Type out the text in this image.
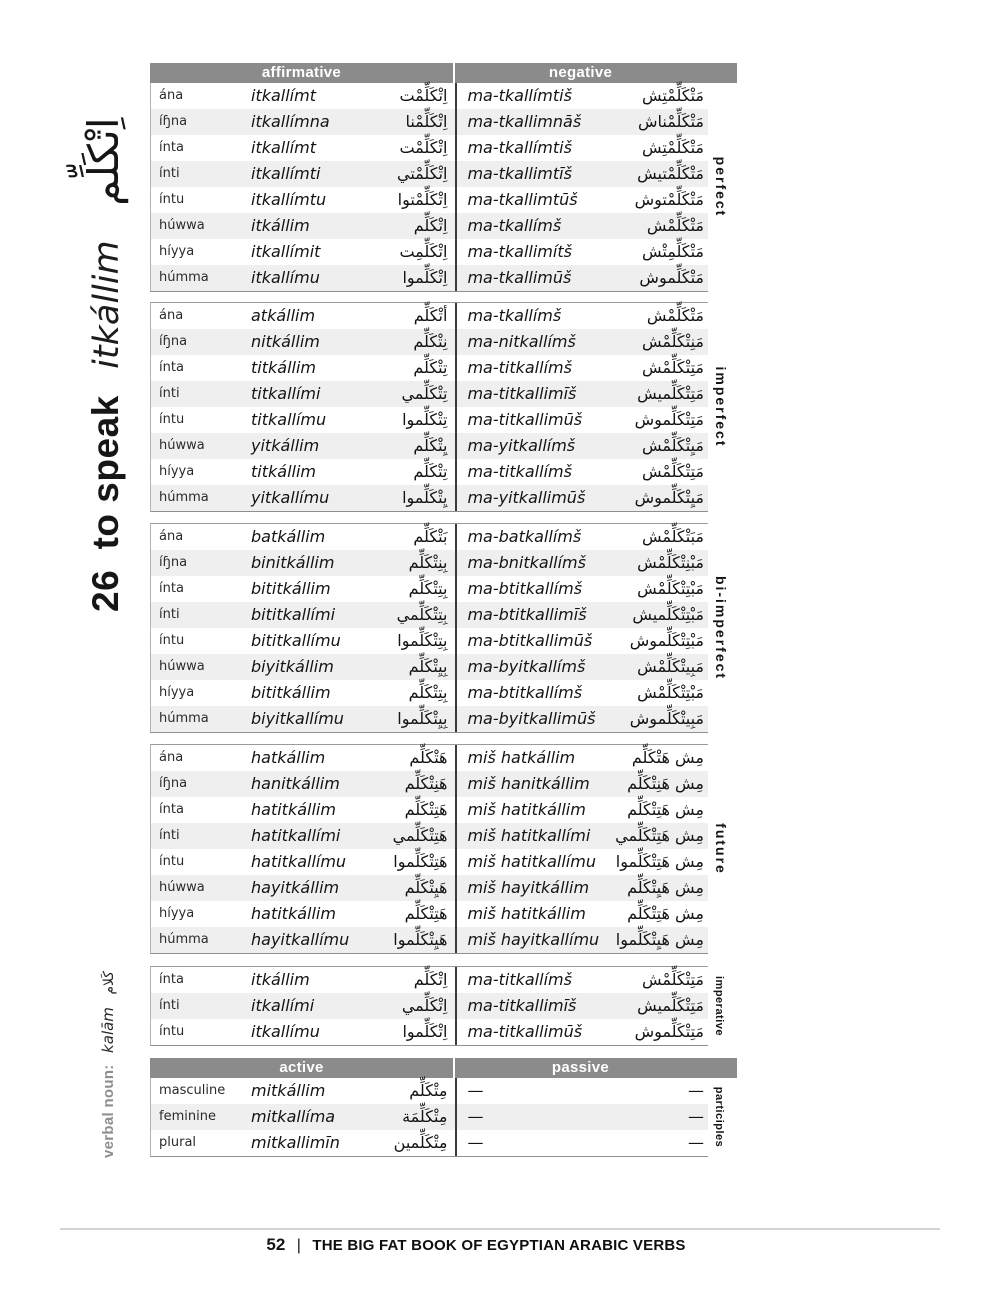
26 to speak itkállim اِتْكَلِّم
verbal noun: kalām كَلام
affirmative	negative
ána	itkallímt	اِتْكَلِّمْت	ma-tkallímtiš	مَتْكَلِّمْتِش
íɧna	itkallímna	اِتْكَلِّمْنا	ma-tkallimnāš	مَتْكَلِّمْناش
ínta	itkallímt	اِتْكَلِّمْت	ma-tkallímtiš	مَتْكَلِّمْتِش
ínti	itkallímti	اِتْكَلِّمْتي	ma-tkallimtīš	مَتْكَلِّمْتيش
íntu	itkallímtu	اِتْكَلِّمْتوا	ma-tkallimtūš	مَتْكَلِّمْتوش
húwwa	itkállim	اِتْكَلِّم	ma-tkallímš	مَتْكَلِّمْش
híyya	itkallímit	اِتْكَلِّمِت	ma-tkallimítš	مَتْكَلِّمِتْش
húmma	itkallímu	اِتْكَلِّموا	ma-tkallimūš	مَتْكَلِّموش
perfect
ána	atkállim	أتْكَلِّم	ma-tkallímš	مَتْكَلِّمْش
íɧna	nitkállim	نِتْكَلِّم	ma-nitkallímš	مَنِتْكَلِّمْش
ínta	titkállim	تِتْكَلِّم	ma-titkallímš	مَتِتْكَلِّمْش
ínti	titkallími	تِتْكَلِّمي	ma-titkallimīš	مَتِتْكَلِّميش
íntu	titkallímu	تِتْكَلِّموا	ma-titkallimūš	مَتِتْكَلِّموش
húwwa	yitkállim	يِتْكَلِّم	ma-yitkallímš	مَيِتْكَلِّمْش
híyya	titkállim	تِتْكَلِّم	ma-titkallímš	مَتِتْكَلِّمْش
húmma	yitkallímu	يِتْكَلِّموا	ma-yitkallimūš	مَيِتْكَلِّموش
imperfect
ána	batkállim	بَتْكَلِّم	ma-batkallímš	مَبَتْكَلِّمْش
íɧna	binitkállim	بِنِتْكَلِّم	ma-bnitkallímš	مَبْنِتْكَلِّمْش
ínta	bititkállim	بِتِتْكَلِّم	ma-btitkallímš	مَبْتِتْكَلِّمْش
ínti	bititkallími	بِتِتْكَلِّمي	ma-btitkallimīš	مَبْتِتْكَلِّميش
íntu	bititkallímu	بِتِتْكَلِّموا	ma-btitkallimūš	مَبْتِتْكَلِّموش
húwwa	biyitkállim	بِيِتْكَلِّم	ma-byitkallímš	مَبِيتْكَلِّمْش
híyya	bititkállim	بِتِتْكَلِّم	ma-btitkallímš	مَبْتِتْكَلِّمْش
húmma	biyitkallímu	بِيِتْكَلِّموا	ma-byitkallimūš	مَبِيتْكَلِّموش
bi-imperfect
ána	hatkállim	هَتْكَلِّم	miš hatkállim	مِش هَتْكَلِّم
íɧna	hanitkállim	هَنِتْكَلِّم	miš hanitkállim	مِش هَنِتْكَلِّم
ínta	hatitkállim	هَتِتْكَلِّم	miš hatitkállim	مِش هَتِتْكَلِّم
ínti	hatitkallími	هَتِتْكَلِّمي	miš hatitkallími	مِش هَتِتْكَلِّمي
íntu	hatitkallímu	هَتِتْكَلِّموا	miš hatitkallímu	مِش هَتِتْكَلِّموا
húwwa	hayitkállim	هَيِتْكَلِّم	miš hayitkállim	مِش هَيِتْكَلِّم
híyya	hatitkállim	هَتِتْكَلِّم	miš hatitkállim	مِش هَتِتْكَلِّم
húmma	hayitkallímu	هَيِتْكَلِّموا	miš hayitkallímu	مِش هَيِتْكَلِّموا
future
ínta	itkállim	اِتْكَلِّم	ma-titkallímš	مَتِتْكَلِّمْش
ínti	itkallími	اِتْكَلِّمي	ma-titkallimīš	مَتِتْكَلِّميش
íntu	itkallímu	اِتْكَلِّموا	ma-titkallimūš	مَتِتْكَلِّموش imperative
active	passive
masculine	mitkállim	مِتْكَلِّم	—	—
feminine	mitkallíma	مِتْكَلِّمَة	—	—
plural	mitkallimīn	مِتْكَلِّمين	—	— participles
52 | THE BIG FAT BOOK OF EGYPTIAN ARABIC VERBS
